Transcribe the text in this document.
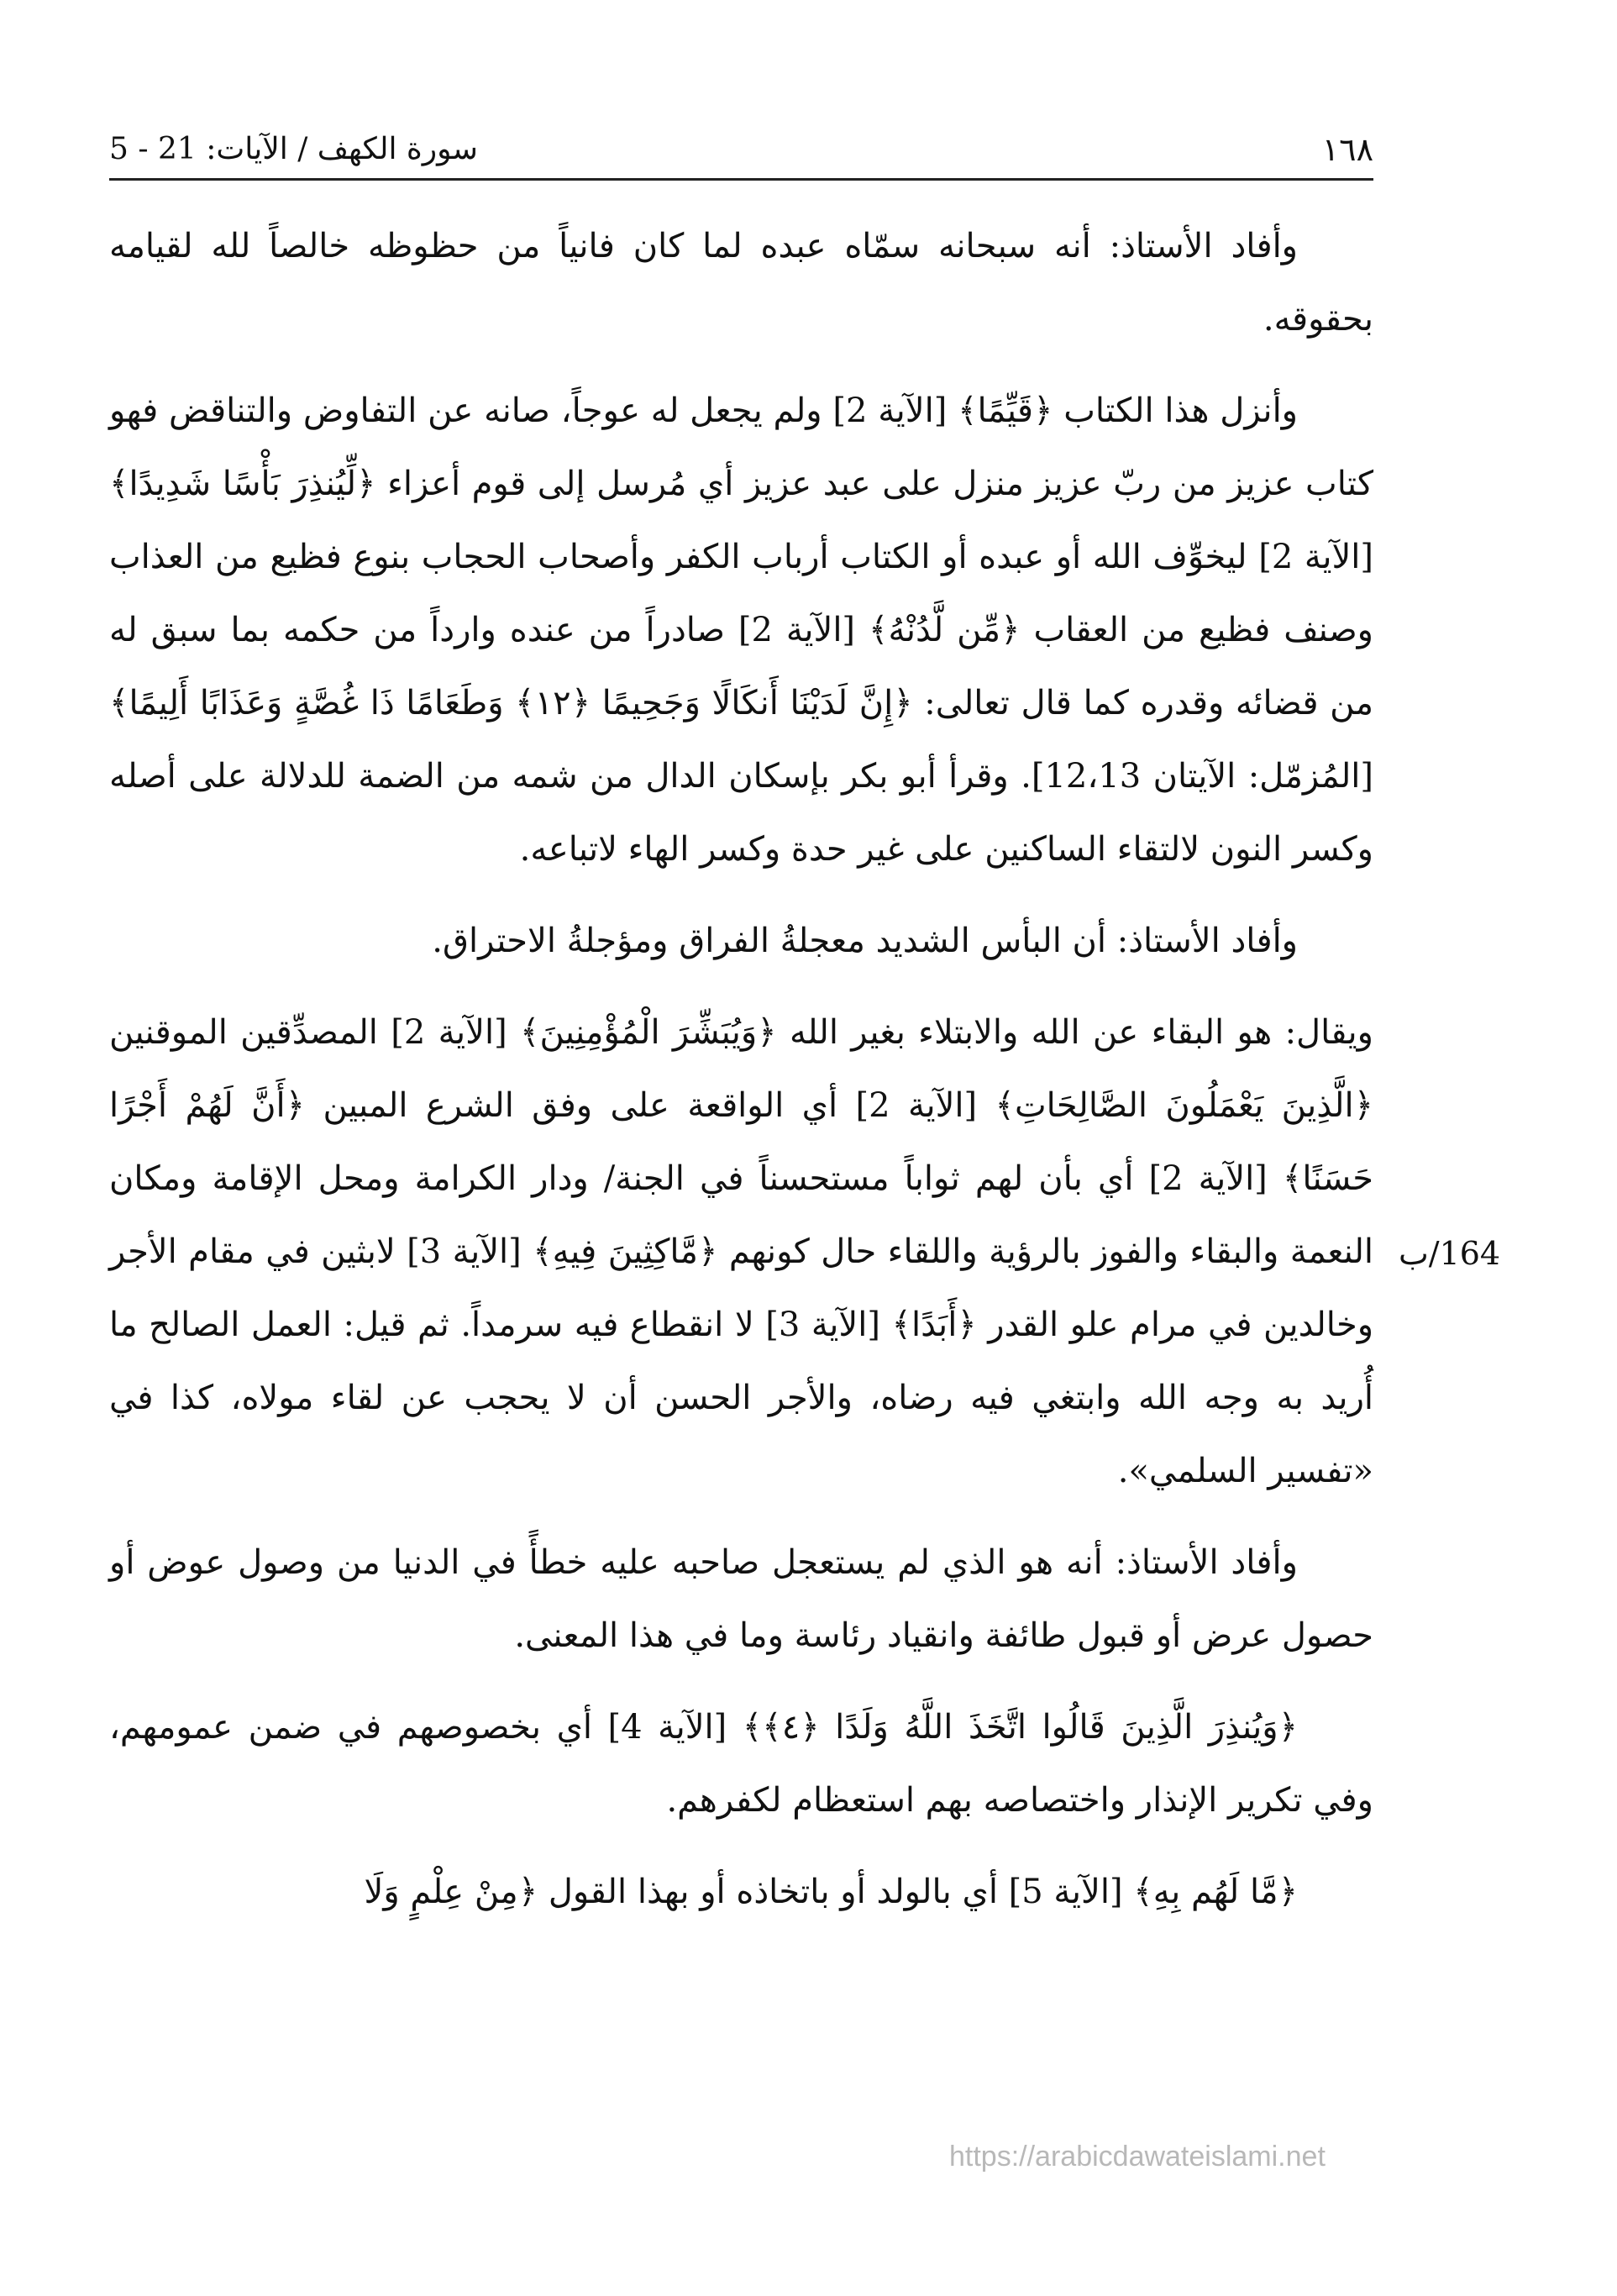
١٦٨
سورة الكهف / الآيات: 21 - 5

وأفاد الأستاذ: أنه سبحانه سمّاه عبده لما كان فانياً من حظوظه خالصاً لله لقيامه بحقوقه.

وأنزل هذا الكتاب ﴿قَيِّمًا﴾ [الآية 2] ولم يجعل له عوجاً، صانه عن التفاوض والتناقض فهو كتاب عزيز من ربّ عزيز منزل على عبد عزيز أي مُرسل إلى قوم أعزاء ﴿لِّيُنذِرَ بَأْسًا شَدِيدًا﴾ [الآية 2] ليخوِّف الله أو عبده أو الكتاب أرباب الكفر وأصحاب الحجاب بنوع فظيع من العذاب وصنف فظيع من العقاب ﴿مِّن لَّدُنْهُ﴾ [الآية 2] صادراً من عنده وارداً من حكمه بما سبق له من قضائه وقدره كما قال تعالى: ﴿إِنَّ لَدَيْنَا أَنكَالًا وَجَحِيمًا ﴿١٢﴾ وَطَعَامًا ذَا غُصَّةٍ وَعَذَابًا أَلِيمًا﴾ [المُزمّل: الآيتان 12،13]. وقرأ أبو بكر بإسكان الدال من شمه من الضمة للدلالة على أصله وكسر النون لالتقاء الساكنين على غير حدة وكسر الهاء لاتباعه.

وأفاد الأستاذ: أن البأس الشديد معجلةُ الفراق ومؤجلةُ الاحتراق.

ويقال: هو البقاء عن الله والابتلاء بغير الله ﴿وَيُبَشِّرَ الْمُؤْمِنِينَ﴾ [الآية 2] المصدِّقين الموقنين ﴿الَّذِينَ يَعْمَلُونَ الصَّالِحَاتِ﴾ [الآية 2] أي الواقعة على وفق الشرع المبين ﴿أَنَّ لَهُمْ أَجْرًا حَسَنًا﴾ [الآية 2] أي بأن لهم ثواباً مستحسناً في الجنة/ ودار الكرامة ومحل الإقامة ومكان النعمة والبقاء والفوز بالرؤية واللقاء حال كونهم ﴿مَّاكِثِينَ فِيهِ﴾ [الآية 3] لابثين في مقام الأجر وخالدين في مرام علو القدر ﴿أَبَدًا﴾ [الآية 3] لا انقطاع فيه سرمداً. ثم قيل: العمل الصالح ما أُريد به وجه الله وابتغي فيه رضاه، والأجر الحسن أن لا يحجب عن لقاء مولاه، كذا في «تفسير السلمي».

وأفاد الأستاذ: أنه هو الذي لم يستعجل صاحبه عليه خطأً في الدنيا من وصول عوض أو حصول عرض أو قبول طائفة وانقياد رئاسة وما في هذا المعنى.

﴿وَيُنذِرَ الَّذِينَ قَالُوا اتَّخَذَ اللَّهُ وَلَدًا ﴿٤﴾﴾ [الآية 4] أي بخصوصهم في ضمن عمومهم، وفي تكرير الإنذار واختصاصه بهم استعظام لكفرهم.

﴿مَّا لَهُم بِهِ﴾ [الآية 5] أي بالولد أو باتخاذه أو بهذا القول ﴿مِنْ عِلْمٍ وَلَا

164/ب
https://arabicdawateislami.net
